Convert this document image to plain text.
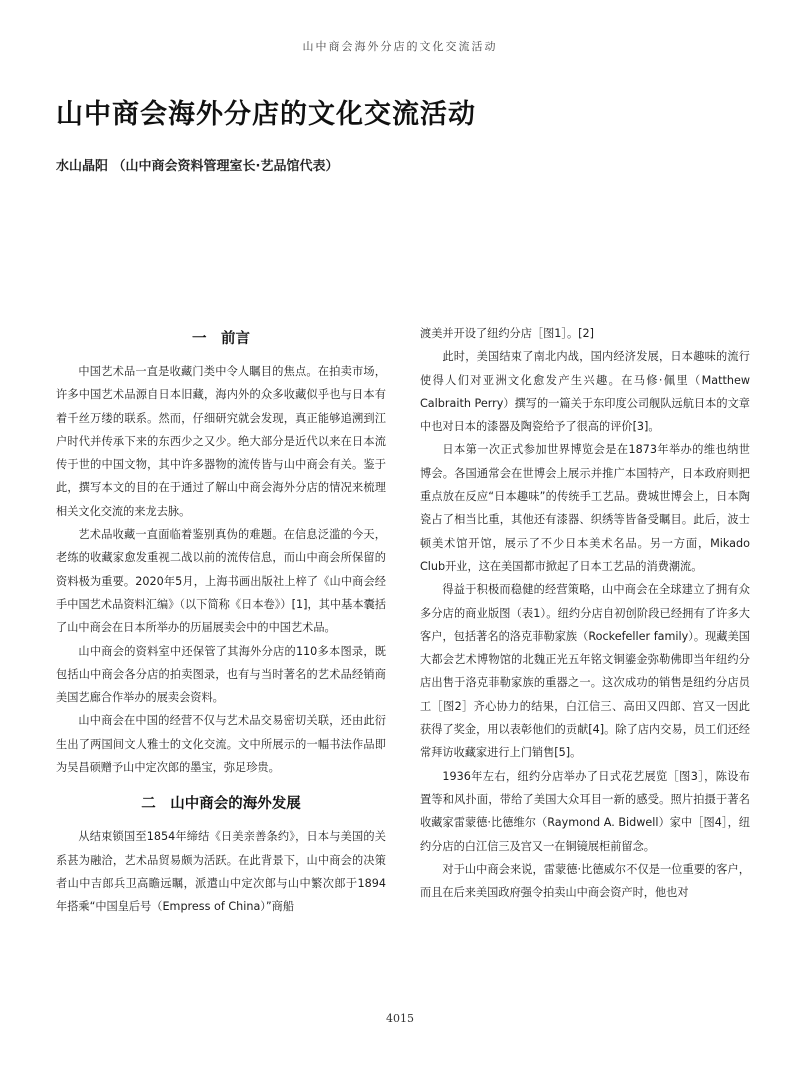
山中商会海外分店的文化交流活动
山中商会海外分店的文化交流活动
水山晶阳 （山中商会资料管理室长·艺品馆代表）
一　前言

中国艺术品一直是收藏门类中令人瞩目的焦点。在拍卖市场，许多中国艺术品源自日本旧藏，海内外的众多收藏似乎也与日本有着千丝万缕的联系。然而，仔细研究就会发现，真正能够追溯到江户时代并传承下来的东西少之又少。绝大部分是近代以来在日本流传于世的中国文物，其中许多器物的流传皆与山中商会有关。鉴于此，撰写本文的目的在于通过了解山中商会海外分店的情况来梳理相关文化交流的来龙去脉。

艺术品收藏一直面临着鉴别真伪的难题。在信息泛滥的今天，老练的收藏家愈发重视二战以前的流传信息，而山中商会所保留的资料极为重要。2020年5月，上海书画出版社上梓了《山中商会经手中国艺术品资料汇编》（以下简称《日本卷》）[1]，其中基本囊括了山中商会在日本所举办的历届展卖会中的中国艺术品。

山中商会的资料室中还保管了其海外分店的110多本图录，既包括山中商会各分店的拍卖图录，也有与当时著名的艺术品经销商美国艺廊合作举办的展卖会资料。

山中商会在中国的经营不仅与艺术品交易密切关联，还由此衍生出了两国间文人雅士的文化交流。文中所展示的一幅书法作品即为吴昌硕赠予山中定次郎的墨宝，弥足珍贵。

二　山中商会的海外发展

从结束锁国至1854年缔结《日美亲善条约》，日本与美国的关系甚为融洽，艺术品贸易颇为活跃。在此背景下，山中商会的决策者山中吉郎兵卫高瞻远瞩，派遣山中定次郎与山中繁次郎于1894年搭乘“中国皇后号（Empress of China）”商船

渡美并开设了纽约分店［图1］。[2]

此时，美国结束了南北内战，国内经济发展，日本趣味的流行使得人们对亚洲文化愈发产生兴趣。在马修·佩里（Matthew Calbraith Perry）撰写的一篇关于东印度公司舰队远航日本的文章中也对日本的漆器及陶瓷给予了很高的评价[3]。

日本第一次正式参加世界博览会是在1873年举办的维也纳世博会。各国通常会在世博会上展示并推广本国特产，日本政府则把重点放在反应“日本趣味”的传统手工艺品。费城世博会上，日本陶瓷占了相当比重，其他还有漆器、织绣等皆备受瞩目。此后，波士顿美术馆开馆，展示了不少日本美术名品。另一方面，Mikado Club开业，这在美国都市掀起了日本工艺品的消费潮流。

得益于积极而稳健的经营策略，山中商会在全球建立了拥有众多分店的商业版图（表1）。纽约分店自初创阶段已经拥有了许多大客户，包括著名的洛克菲勒家族（Rockefeller family）。现藏美国大都会艺术博物馆的北魏正光五年铭文铜鎏金弥勒佛即当年纽约分店出售于洛克菲勒家族的重器之一。这次成功的销售是纽约分店员工［图2］齐心协力的结果，白江信三、高田又四郎、宫又一因此获得了奖金，用以表彰他们的贡献[4]。除了店内交易，员工们还经常拜访收藏家进行上门销售[5]。

1936年左右，纽约分店举办了日式花艺展览［图3］，陈设布置等和风扑面，带给了美国大众耳目一新的感受。照片拍摄于著名收藏家雷蒙德·比德维尔（Raymond A. Bidwell）家中［图4］，纽约分店的白江信三及宫又一在铜镜展柜前留念。

对于山中商会来说，雷蒙德·比德威尔不仅是一位重要的客户，而且在后来美国政府强令拍卖山中商会资产时，他也对

4015
